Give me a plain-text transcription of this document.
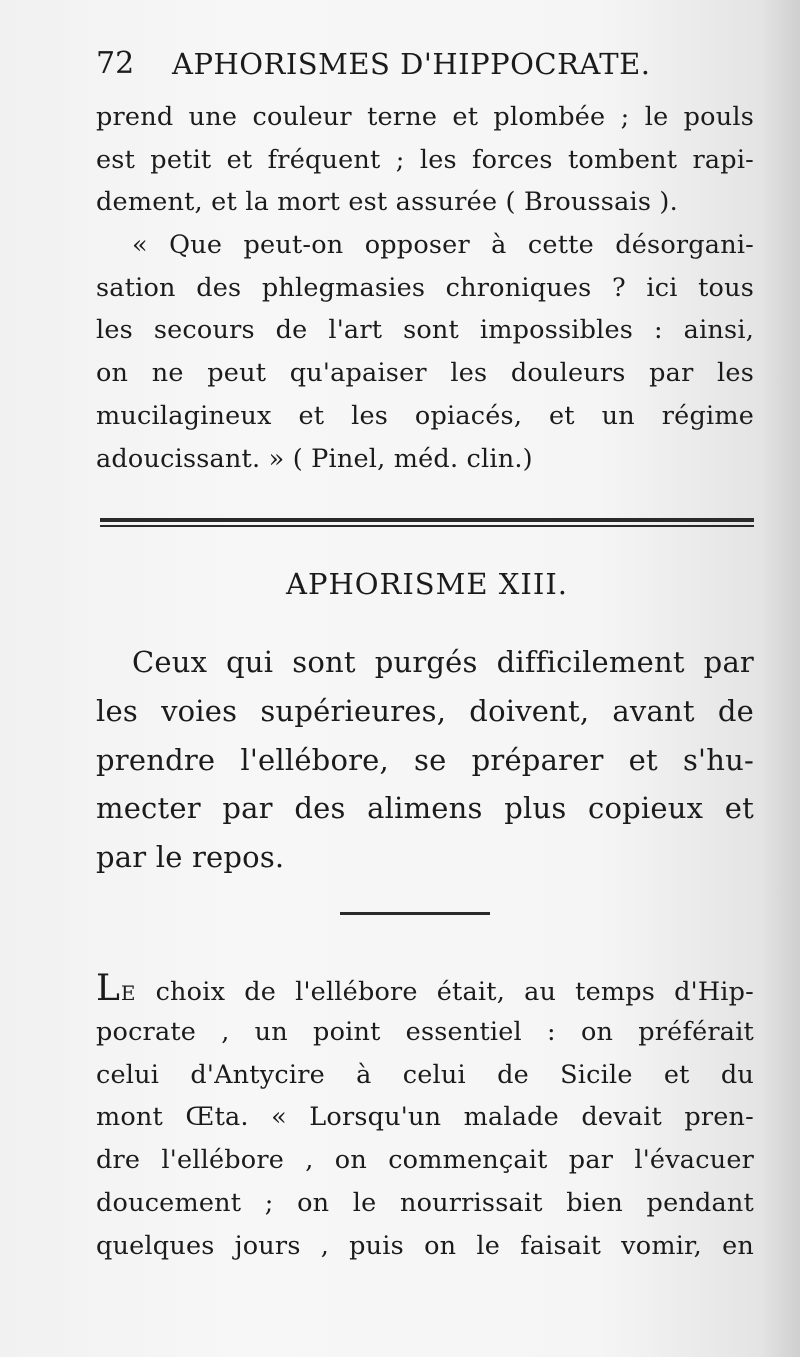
72 APHORISMES D'HIPPOCRATE.
prend une couleur terne et plombée ; le pouls
est petit et fréquent ; les forces tombent rapi-
dement, et la mort est assurée ( Broussais ).
« Que peut-on opposer à cette désorgani-
sation des phlegmasies chroniques ? ici tous
les secours de l'art sont impossibles : ainsi,
on ne peut qu'apaiser les douleurs par les
mucilagineux et les opiacés, et un régime
adoucissant. » ( Pinel, méd. clin.)
APHORISME XIII.
Ceux qui sont purgés difficilement par
les voies supérieures, doivent, avant de
prendre l'ellébore, se préparer et s'hu-
mecter par des alimens plus copieux et
par le repos.
LE choix de l'ellébore était, au temps d'Hip-
pocrate , un point essentiel : on préférait
celui d'Antycire à celui de Sicile et du
mont Œta. « Lorsqu'un malade devait pren-
dre l'ellébore , on commençait par l'évacuer
doucement ; on le nourrissait bien pendant
quelques jours , puis on le faisait vomir, en
